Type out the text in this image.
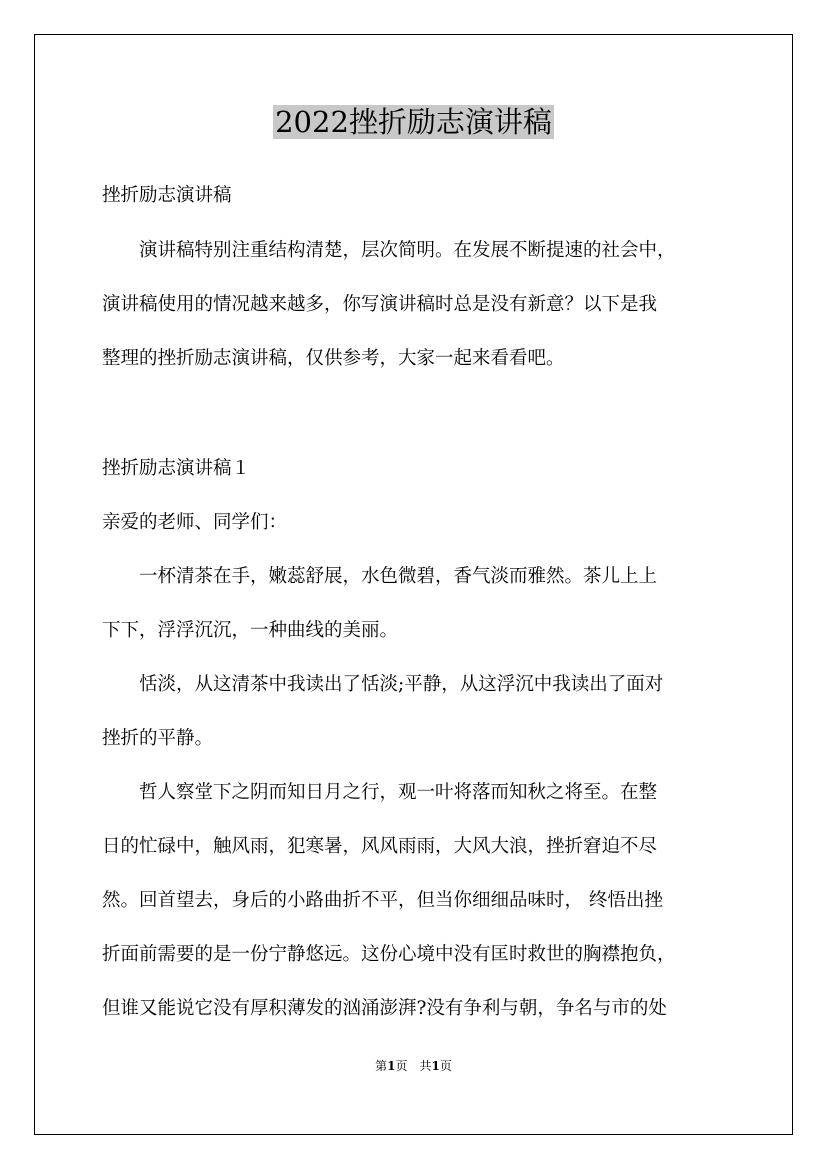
2022挫折励志演讲稿

挫折励志演讲稿

　　演讲稿特别注重结构清楚，层次简明。在发展不断提速的社会中，

演讲稿使用的情况越来越多，你写演讲稿时总是没有新意？以下是我

整理的挫折励志演讲稿，仅供参考，大家一起来看看吧。

挫折励志演讲稿１

亲爱的老师、同学们：

　　一杯清茶在手，嫩蕊舒展，水色微碧，香气淡而雅然。茶儿上上

下下，浮浮沉沉，一种曲线的美丽。

　　恬淡，从这清茶中我读出了恬淡;平静，从这浮沉中我读出了面对

挫折的平静。

　　哲人察堂下之阴而知日月之行，观一叶将落而知秋之将至。在整

日的忙碌中，触风雨，犯寒暑，风风雨雨，大风大浪，挫折窘迫不尽

然。回首望去，身后的小路曲折不平，但当你细细品味时， 终悟出挫

折面前需要的是一份宁静悠远。这份心境中没有匡时救世的胸襟抱负，

但谁又能说它没有厚积薄发的汹涌澎湃?没有争利与朝，争名与市的处

第1页　共1页
